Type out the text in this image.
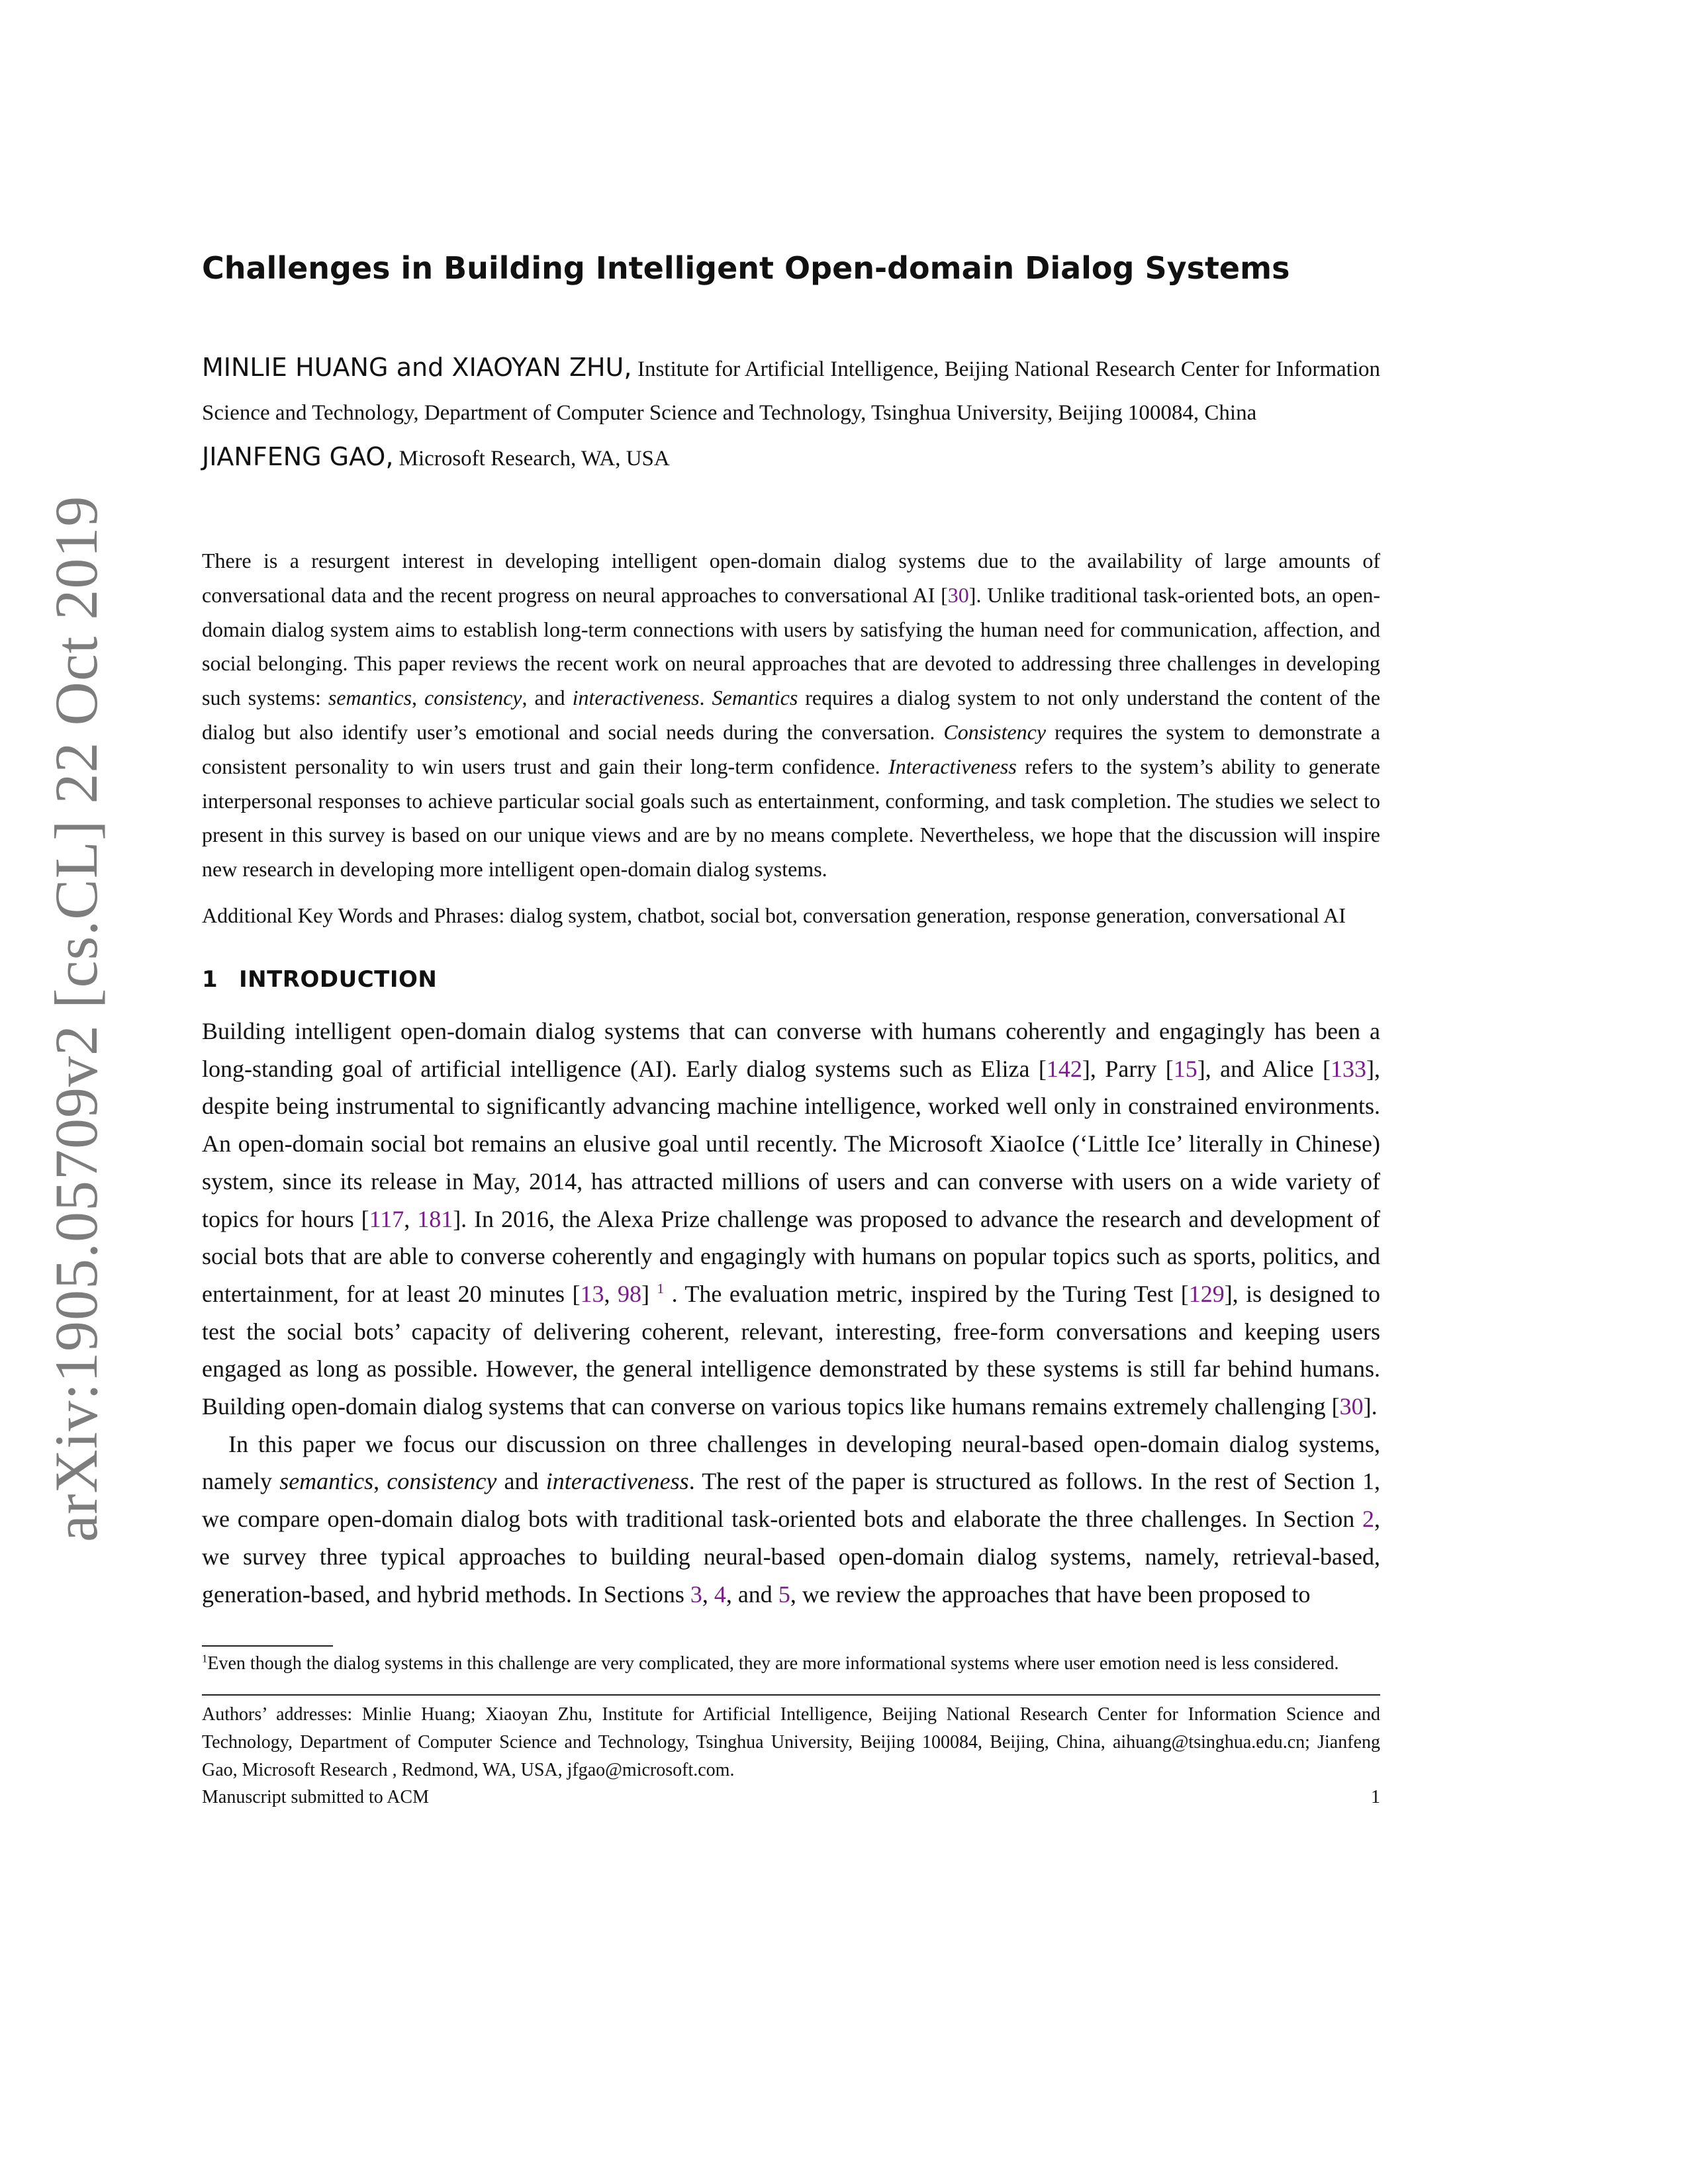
arXiv:1905.05709v2 [cs.CL] 22 Oct 2019
Challenges in Building Intelligent Open-domain Dialog Systems
MINLIE HUANG and XIAOYAN ZHU, Institute for Artificial Intelligence, Beijing National Research Center for Information Science and Technology, Department of Computer Science and Technology, Tsinghua University, Beijing 100084, China
JIANFENG GAO, Microsoft Research, WA, USA
There is a resurgent interest in developing intelligent open-domain dialog systems due to the availability of large amounts of conversational data and the recent progress on neural approaches to conversational AI [30]. Unlike traditional task-oriented bots, an open-domain dialog system aims to establish long-term connections with users by satisfying the human need for communication, affection, and social belonging. This paper reviews the recent work on neural approaches that are devoted to addressing three challenges in developing such systems: semantics, consistency, and interactiveness. Semantics requires a dialog system to not only understand the content of the dialog but also identify user’s emotional and social needs during the conversation. Consistency requires the system to demonstrate a consistent personality to win users trust and gain their long-term confidence. Interactiveness refers to the system’s ability to generate interpersonal responses to achieve particular social goals such as entertainment, conforming, and task completion. The studies we select to present in this survey is based on our unique views and are by no means complete. Nevertheless, we hope that the discussion will inspire new research in developing more intelligent open-domain dialog systems.
Additional Key Words and Phrases: dialog system, chatbot, social bot, conversation generation, response generation, conversational AI
1 INTRODUCTION

Building intelligent open-domain dialog systems that can converse with humans coherently and engagingly has been a long-standing goal of artificial intelligence (AI). Early dialog systems such as Eliza [142], Parry [15], and Alice [133], despite being instrumental to significantly advancing machine intelligence, worked well only in constrained environments. An open-domain social bot remains an elusive goal until recently. The Microsoft XiaoIce (‘Little Ice’ literally in Chinese) system, since its release in May, 2014, has attracted millions of users and can converse with users on a wide variety of topics for hours [117, 181]. In 2016, the Alexa Prize challenge was proposed to advance the research and development of social bots that are able to converse coherently and engagingly with humans on popular topics such as sports, politics, and entertainment, for at least 20 minutes [13, 98] $^1$ . The evaluation metric, inspired by the Turing Test [129], is designed to test the social bots’ capacity of delivering coherent, relevant, interesting, free-form conversations and keeping users engaged as long as possible. However, the general intelligence demonstrated by these systems is still far behind humans. Building open-domain dialog systems that can converse on various topics like humans remains extremely challenging [30].

In this paper we focus our discussion on three challenges in developing neural-based open-domain dialog systems, namely semantics, consistency and interactiveness. The rest of the paper is structured as follows. In the rest of Section 1, we compare open-domain dialog bots with traditional task-oriented bots and elaborate the three challenges. In Section 2, we survey three typical approaches to building neural-based open-domain dialog systems, namely, retrieval-based, generation-based, and hybrid methods. In Sections 3, 4, and 5, we review the approaches that have been proposed to

$^1$Even though the dialog systems in this challenge are very complicated, they are more informational systems where user emotion need is less considered.
Authors’ addresses: Minlie Huang; Xiaoyan Zhu, Institute for Artificial Intelligence, Beijing National Research Center for Information Science and Technology, Department of Computer Science and Technology, Tsinghua University, Beijing 100084, Beijing, China, aihuang@tsinghua.edu.cn; Jianfeng Gao, Microsoft Research , Redmond, WA, USA, jfgao@microsoft.com.
Manuscript submitted to ACM	1
